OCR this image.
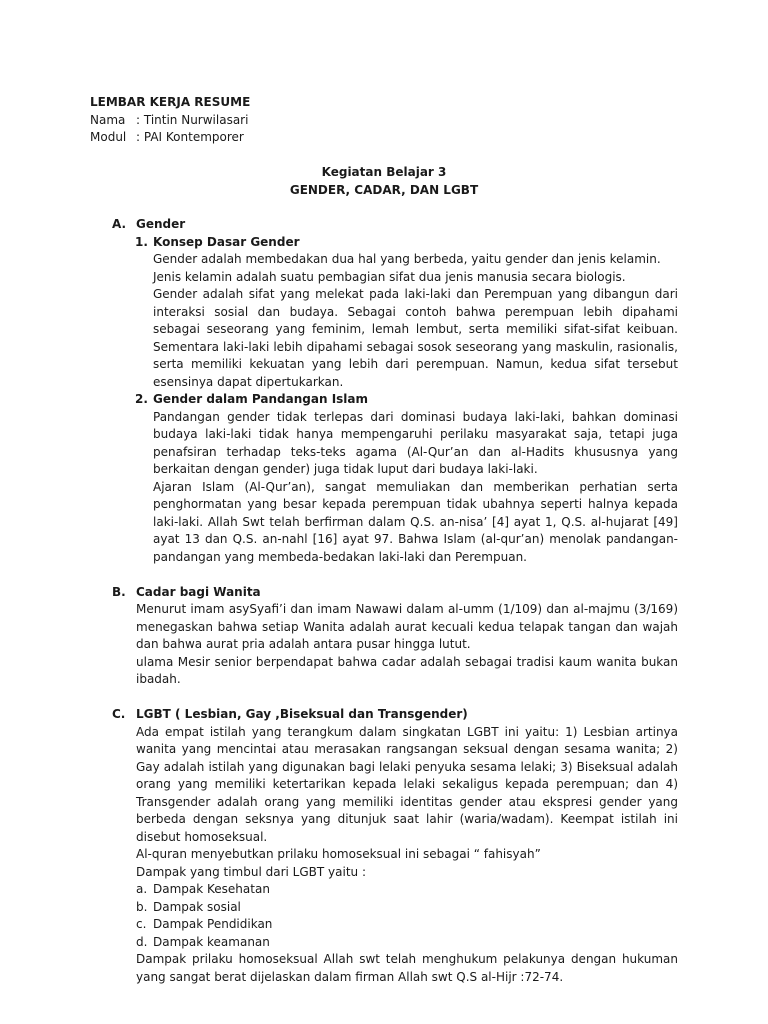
LEMBAR KERJA RESUME
Nama : Tintin Nurwilasari
Modul : PAI Kontemporer
Kegiatan Belajar 3
GENDER, CADAR, DAN LGBT
A. Gender
1. Konsep Dasar Gender
Gender adalah membedakan dua hal yang berbeda, yaitu gender dan jenis kelamin.
Jenis kelamin adalah suatu pembagian sifat dua jenis manusia secara biologis.
Gender adalah sifat yang melekat pada laki-laki dan Perempuan yang dibangun dari interaksi sosial dan budaya. Sebagai contoh bahwa perempuan lebih dipahami sebagai seseorang yang feminim, lemah lembut, serta memiliki sifat-sifat keibuan. Sementara laki-laki lebih dipahami sebagai sosok seseorang yang maskulin, rasionalis, serta memiliki kekuatan yang lebih dari perempuan. Namun, kedua sifat tersebut esensinya dapat dipertukarkan.
2. Gender dalam Pandangan Islam
Pandangan gender tidak terlepas dari dominasi budaya laki-laki, bahkan dominasi budaya laki-laki tidak hanya mempengaruhi perilaku masyarakat saja, tetapi juga penafsiran terhadap teks-teks agama (Al-Qur’an dan al-Hadits khususnya yang berkaitan dengan gender) juga tidak luput dari budaya laki-laki.
Ajaran Islam (Al-Qur’an), sangat memuliakan dan memberikan perhatian serta penghormatan yang besar kepada perempuan tidak ubahnya seperti halnya kepada laki-laki. Allah Swt telah berfirman dalam Q.S. an-nisa’ [4] ayat 1, Q.S. al-hujarat [49] ayat 13 dan Q.S. an-nahl [16] ayat 97. Bahwa Islam (al-qur’an) menolak pandangan-pandangan yang membeda-bedakan laki-laki dan Perempuan.
B. Cadar bagi Wanita
Menurut imam asySyafi’i dan imam Nawawi dalam al-umm (1/109) dan al-majmu (3/169) menegaskan bahwa setiap Wanita adalah aurat kecuali kedua telapak tangan dan wajah dan bahwa aurat pria adalah antara pusar hingga lutut.
ulama Mesir senior berpendapat bahwa cadar adalah sebagai tradisi kaum wanita bukan ibadah.
C. LGBT ( Lesbian, Gay ,Biseksual dan Transgender)
Ada empat istilah yang terangkum dalam singkatan LGBT ini yaitu: 1) Lesbian artinya wanita yang mencintai atau merasakan rangsangan seksual dengan sesama wanita; 2) Gay adalah istilah yang digunakan bagi lelaki penyuka sesama lelaki; 3) Biseksual adalah orang yang memiliki ketertarikan kepada lelaki sekaligus kepada perempuan; dan 4) Transgender adalah orang yang memiliki identitas gender atau ekspresi gender yang berbeda dengan seksnya yang ditunjuk saat lahir (waria/wadam). Keempat istilah ini disebut homoseksual.
Al-quran menyebutkan prilaku homoseksual ini sebagai “ fahisyah”
Dampak yang timbul dari LGBT yaitu :
a. Dampak Kesehatan
b. Dampak sosial
c. Dampak Pendidikan
d. Dampak keamanan
Dampak prilaku homoseksual Allah swt telah menghukum pelakunya dengan hukuman yang sangat berat dijelaskan dalam firman Allah swt Q.S al-Hijr :72-74.
